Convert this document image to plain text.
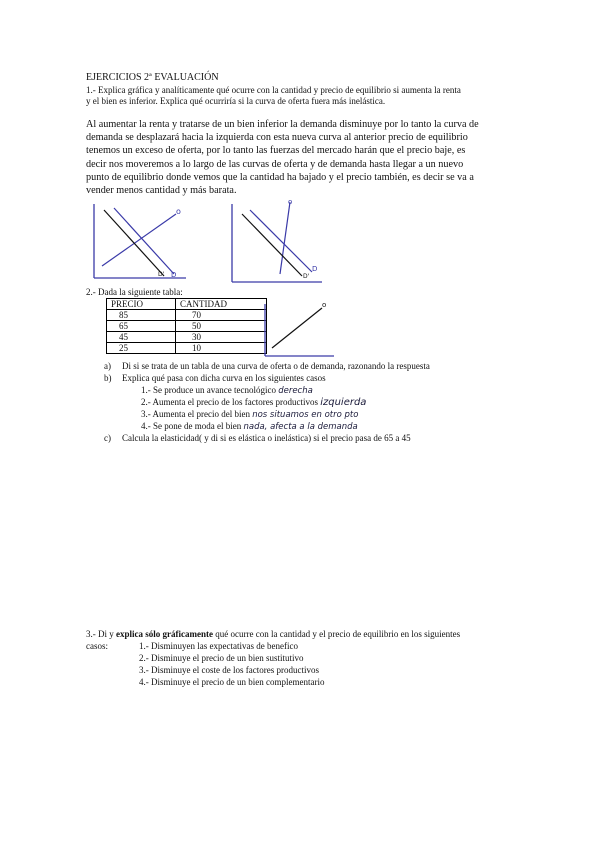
EJERCICIOS 2ª EVALUACIÓN
1.- Explica gráfica y analíticamente qué ocurre con la cantidad y precio de equilibrio si aumenta la renta
y el bien es inferior. Explica qué ocurriría si la curva de oferta fuera más inelástica.
Al aumentar la renta y tratarse de un bien inferior la demanda disminuye por lo tanto la curva de
demanda se desplazará hacia la izquierda con esta nueva curva al anterior precio de equilibrio
tenemos un exceso de oferta, por lo tanto las fuerzas del mercado harán que el precio baje, es
decir nos moveremos a lo largo de las curvas de oferta y de demanda hasta llegar a un nuevo
punto de equilibrio donde vemos que la cantidad ha bajado y el precio también, es decir se va a
vender menos cantidad y más barata.
o
D
D'
o
D
D'
2.- Dada la siguiente tabla:
PRECIO	CANTIDAD
85	70
65	50
45	30
25	10
o
a) Di si se trata de un tabla de una curva de oferta o de demanda, razonando la respuesta
b) Explica qué pasa con dicha curva en los siguientes casos
1.- Se produce un avance tecnológico derecha
2.- Aumenta el precio de los factores productivos izquierda
3.- Aumenta el precio del bien nos situamos en otro pto
4.- Se pone de moda el bien nada, afecta a la demanda
c) Calcula la elasticidad( y di si es elástica o inelástica) si el precio pasa de 65 a 45
3.- Di y explica sólo gráficamente qué ocurre con la cantidad y el precio de equilibrio en los siguientes
casos:	1.- Disminuyen las expectativas de benefico
2.- Disminuye el precio de un bien sustitutivo
3.- Disminuye el coste de los factores productivos
4.- Disminuye el precio de un bien complementario
